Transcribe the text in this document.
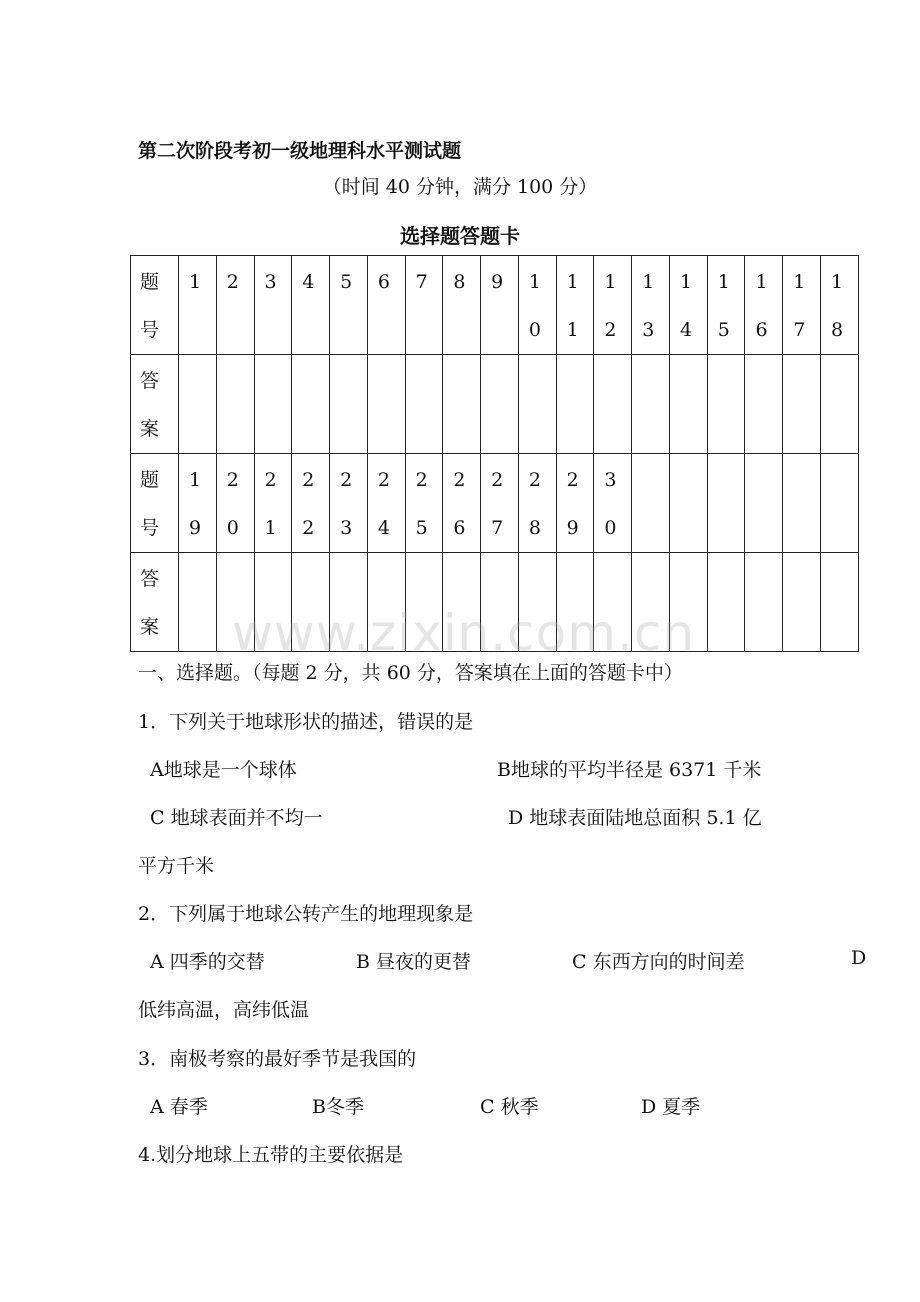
第二次阶段考初一级地理科水平测试题
（时间 40 分钟，满分 100 分）
选择题答题卡
题号	1	2	3	4	5	6	7	8	9	10	11	12	13	14	15	16	17	18

答案																		

题号	19	20	21	22	23	24	25	26	27	28	29	30						

答案																		
																		www.zixin.com.cn
一、选择题。（每题 2 分，共 60 分，答案填在上面的答题卡中）
1．下列关于地球形状的描述，错误的是
A地球是一个球体	B地球的平均半径是 6371 千米
C 地球表面并不均一	D 地球表面陆地总面积 5.1 亿
平方千米
2．下列属于地球公转产生的地理现象是
A 四季的交替	B 昼夜的更替	C 东西方向的时间差	D
低纬高温，高纬低温
3．南极考察的最好季节是我国的
A 春季	B冬季	C 秋季	D 夏季
4.划分地球上五带的主要依据是
